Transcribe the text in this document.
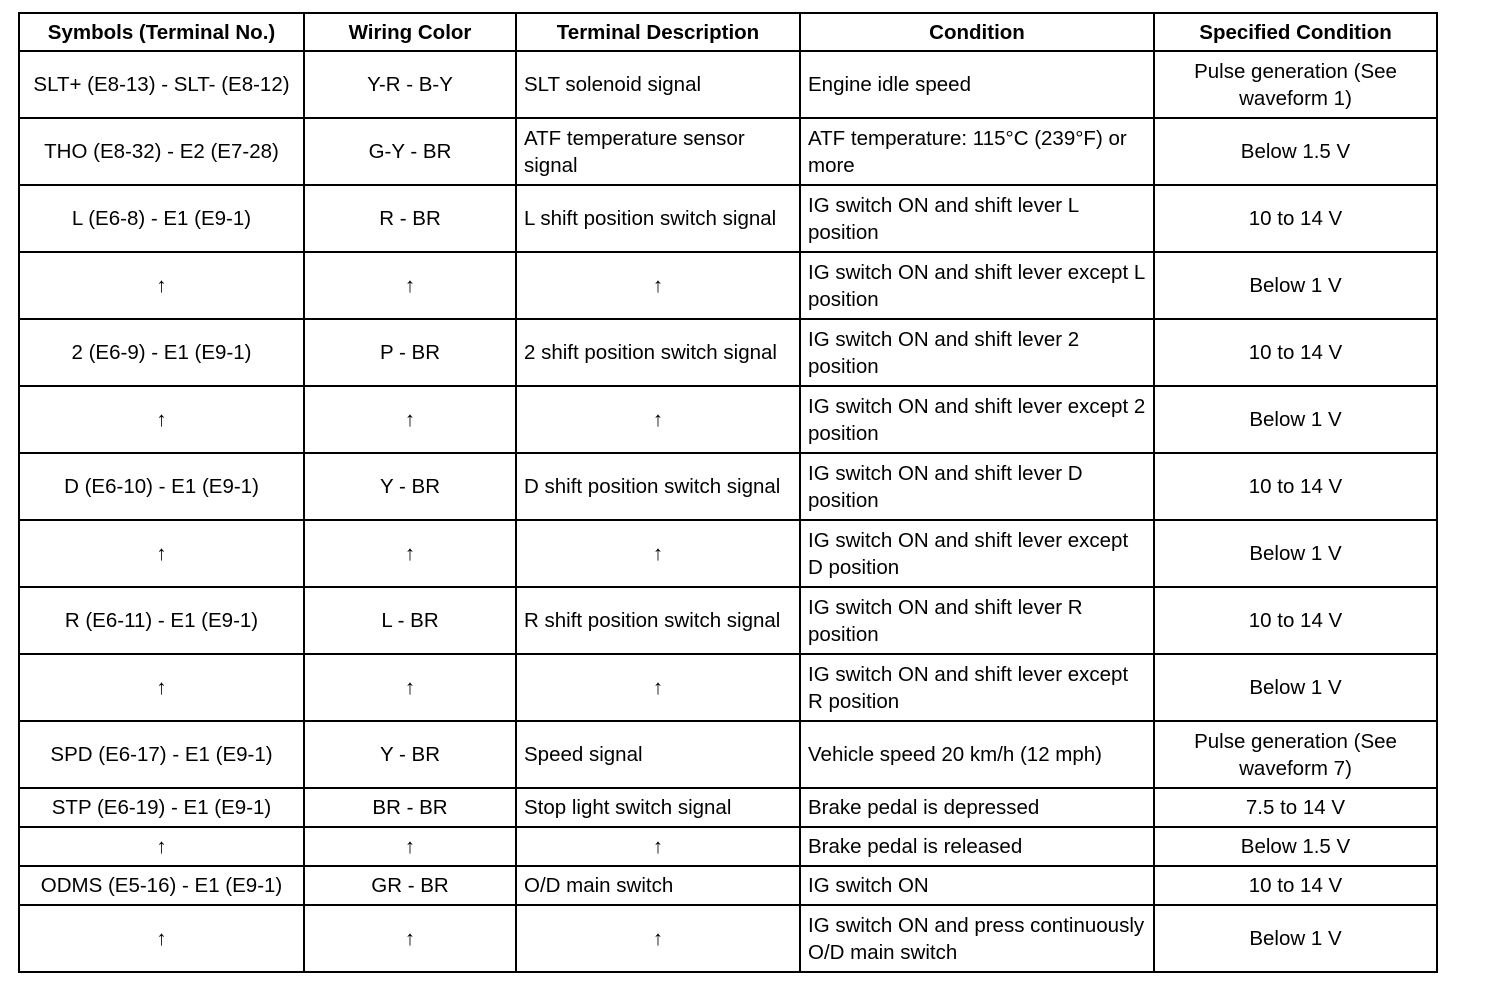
Symbols (Terminal No.)	Wiring Color	Terminal Description	Condition	Specified Condition
SLT+ (E8-13) - SLT- (E8-12)	Y-R - B-Y	SLT solenoid signal	Engine idle speed	Pulse generation (See waveform 1)
THO (E8-32) - E2 (E7-28)	G-Y - BR	ATF temperature sensor signal	ATF temperature: 115°C (239°F) or more	Below 1.5 V
L (E6-8) - E1 (E9-1)	R - BR	L shift position switch signal	IG switch ON and shift lever L position	10 to 14 V
↑	↑	↑	IG switch ON and shift lever except L position	Below 1 V
2 (E6-9) - E1 (E9-1)	P - BR	2 shift position switch signal	IG switch ON and shift lever 2 position	10 to 14 V
↑	↑	↑	IG switch ON and shift lever except 2 position	Below 1 V
D (E6-10) - E1 (E9-1)	Y - BR	D shift position switch signal	IG switch ON and shift lever D position	10 to 14 V
↑	↑	↑	IG switch ON and shift lever except D position	Below 1 V
R (E6-11) - E1 (E9-1)	L - BR	R shift position switch signal	IG switch ON and shift lever R position	10 to 14 V
↑	↑	↑	IG switch ON and shift lever except R position	Below 1 V
SPD (E6-17) - E1 (E9-1)	Y - BR	Speed signal	Vehicle speed 20 km/h (12 mph)	Pulse generation (See waveform 7)
STP (E6-19) - E1 (E9-1)	BR - BR	Stop light switch signal	Brake pedal is depressed	7.5 to 14 V
↑	↑	↑	Brake pedal is released	Below 1.5 V
ODMS (E5-16) - E1 (E9-1)	GR - BR	O/D main switch	IG switch ON	10 to 14 V
↑	↑	↑	IG switch ON and press continuously O/D main switch	Below 1 V
